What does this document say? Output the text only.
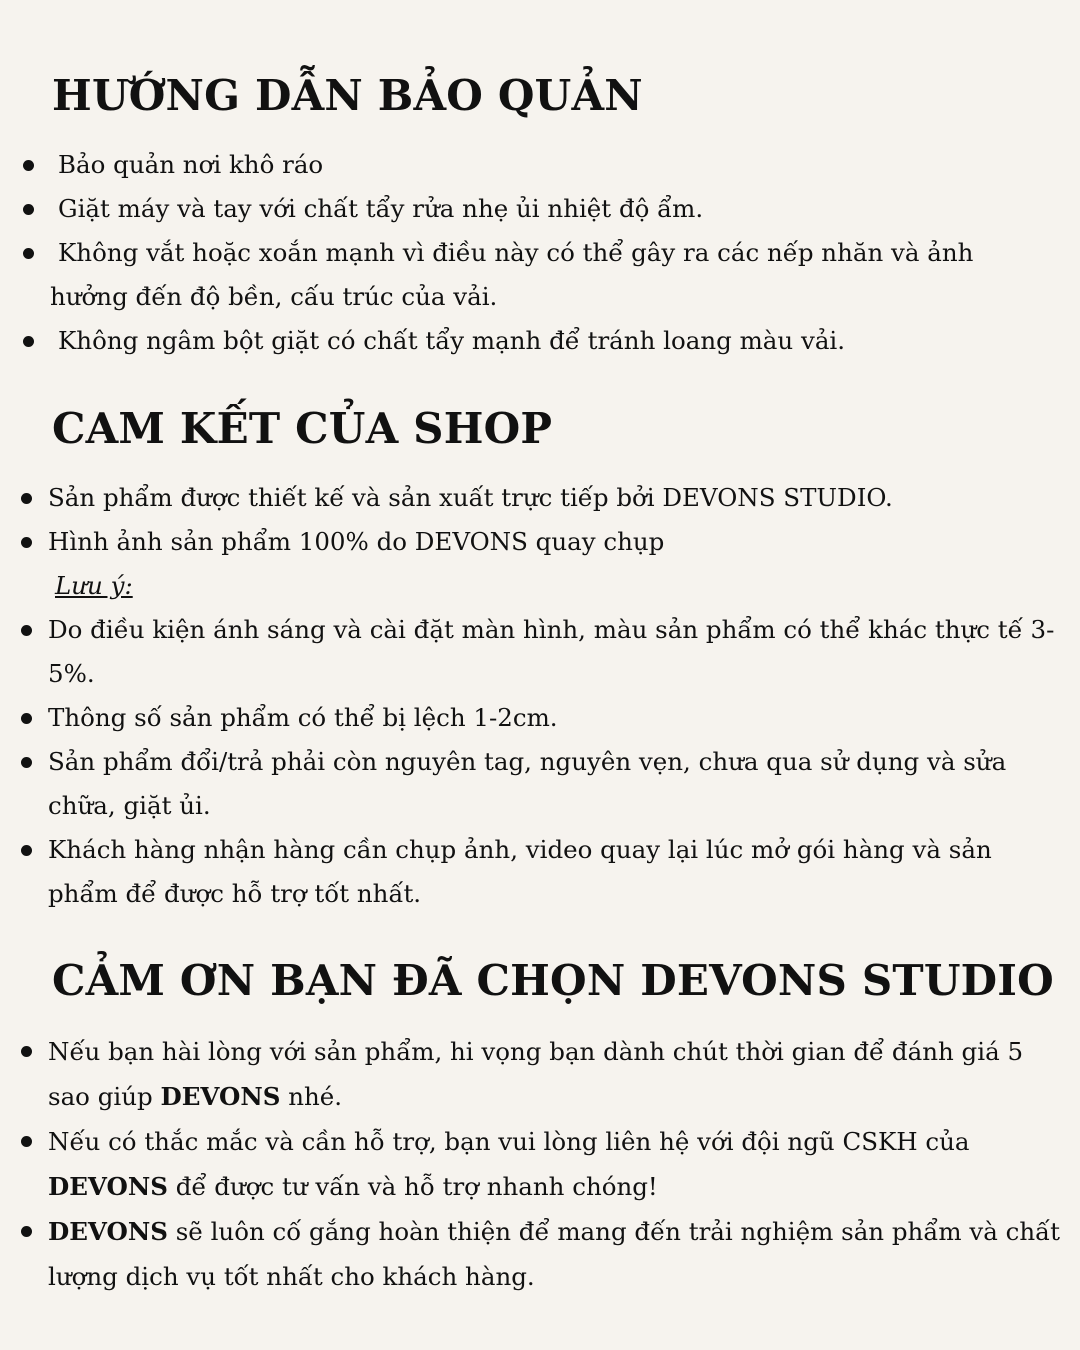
HƯỚNG DẪN BẢO QUẢN
Bảo quản nơi khô ráo
Giặt máy và tay với chất tẩy rửa nhẹ ủi nhiệt độ ẩm.
Không vắt hoặc xoắn mạnh vì điều này có thể gây ra các nếp nhăn và ảnh hưởng đến độ bền, cấu trúc của vải.
Không ngâm bột giặt có chất tẩy mạnh để tránh loang màu vải.
CAM KẾT CỦA SHOP
Sản phẩm được thiết kế và sản xuất trực tiếp bởi DEVONS STUDIO.
Hình ảnh sản phẩm 100% do DEVONS quay chụp
Lưu ý:
Do điều kiện ánh sáng và cài đặt màn hình, màu sản phẩm có thể khác thực tế 3-5%.
Thông số sản phẩm có thể bị lệch 1-2cm.
Sản phẩm đổi/trả phải còn nguyên tag, nguyên vẹn, chưa qua sử dụng và sửa chữa, giặt ủi.
Khách hàng nhận hàng cần chụp ảnh, video quay lại lúc mở gói hàng và sản phẩm để được hỗ trợ tốt nhất.
CẢM ƠN BẠN ĐÃ CHỌN DEVONS STUDIO
Nếu bạn hài lòng với sản phẩm, hi vọng bạn dành chút thời gian để đánh giá 5 sao giúp DEVONS nhé.
Nếu có thắc mắc và cần hỗ trợ, bạn vui lòng liên hệ với đội ngũ CSKH của DEVONS để được tư vấn và hỗ trợ nhanh chóng!
DEVONS sẽ luôn cố gắng hoàn thiện để mang đến trải nghiệm sản phẩm và chất lượng dịch vụ tốt nhất cho khách hàng.
